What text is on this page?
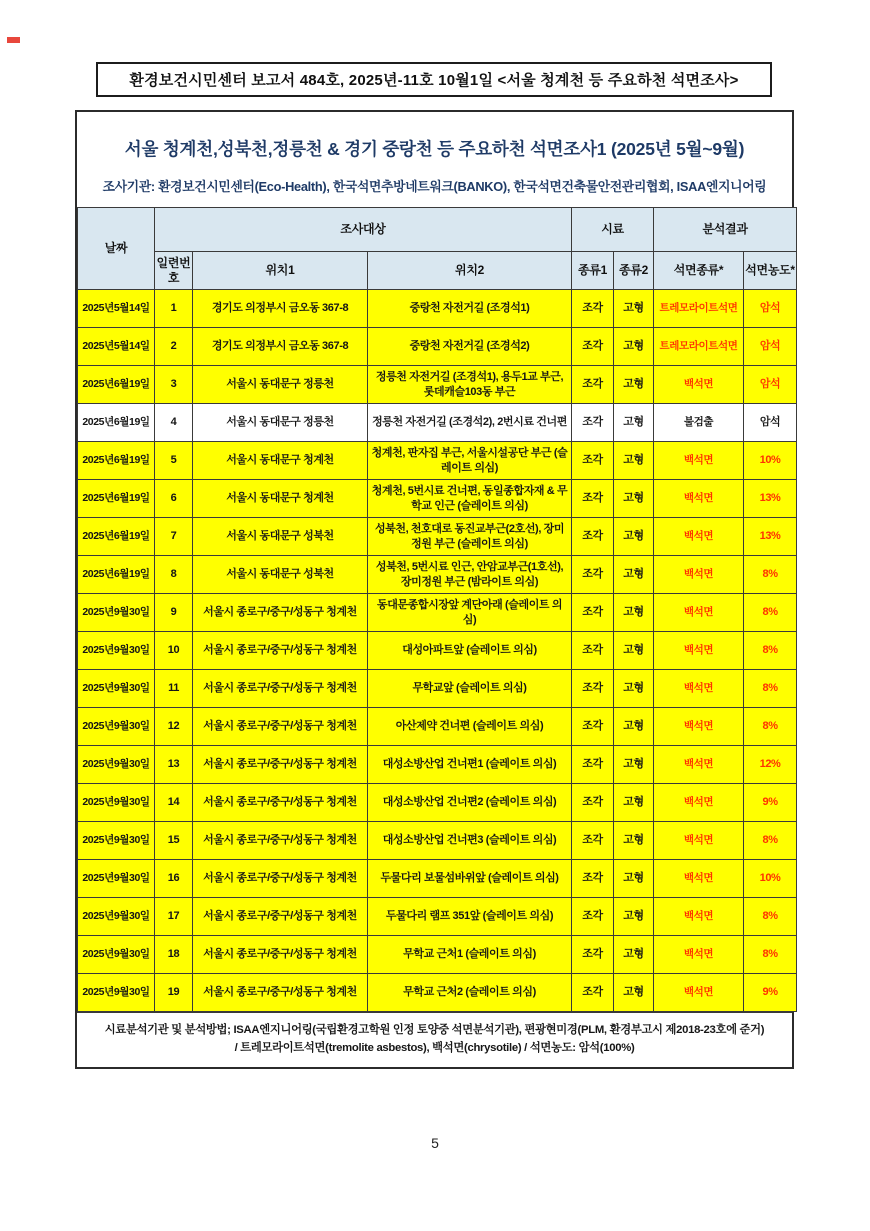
환경보건시민센터 보고서 484호, 2025년-11호 10월1일 <서울 청계천 등 주요하천 석면조사>
서울 청계천,성북천,정릉천 & 경기 중랑천 등 주요하천 석면조사1 (2025년 5월~9월)
조사기관: 환경보건시민센터(Eco-Health), 한국석면추방네트워크(BANKO), 한국석면건축물안전관리협회, ISAA엔지니어링
날짜	조사대상			시료		분석결과	
	일련번호	위치1	위치2	종류1	종류2	석면종류*	석면농도*
2025년5월14일	1	경기도 의정부시 금오동 367-8	중랑천 자전거길 (조경석1)	조각	고형	트레모라이트석면	암석
2025년5월14일	2	경기도 의정부시 금오동 367-8	중랑천 자전거길 (조경석2)	조각	고형	트레모라이트석면	암석
2025년6월19일	3	서울시 동대문구 정릉천	정릉천 자전거길 (조경석1), 용두1교 부근, 롯데캐슬103동 부근	조각	고형	백석면	암석
2025년6월19일	4	서울시 동대문구 정릉천	정릉천 자전거길 (조경석2), 2번시료 건너편	조각	고형	불검출	암석
2025년6월19일	5	서울시 동대문구 청계천	청계천, 판자집 부근, 서울시설공단 부근 (슬레이트 의심)	조각	고형	백석면	10%
2025년6월19일	6	서울시 동대문구 청계천	청계천, 5번시료 건너편, 동일종합자재 & 무학교 인근 (슬레이트 의심)	조각	고형	백석면	13%
2025년6월19일	7	서울시 동대문구 성북천	성북천, 천호대로 동진교부근(2호선), 장미정원 부근 (슬레이트 의심)	조각	고형	백석면	13%
2025년6월19일	8	서울시 동대문구 성북천	성북천, 5번시료 인근, 안암교부근(1호선), 장미정원 부근 (밤라이트 의심)	조각	고형	백석면	8%
2025년9월30일	9	서울시 종로구/중구/성동구 청계천	동대문종합시장앞 계단아래 (슬레이트 의심)	조각	고형	백석면	8%
2025년9월30일	10	서울시 종로구/중구/성동구 청계천	대성아파트앞 (슬레이트 의심)	조각	고형	백석면	8%
2025년9월30일	11	서울시 종로구/중구/성동구 청계천	무학교앞 (슬레이트 의심)	조각	고형	백석면	8%
2025년9월30일	12	서울시 종로구/중구/성동구 청계천	아산제약 건너편 (슬레이트 의심)	조각	고형	백석면	8%
2025년9월30일	13	서울시 종로구/중구/성동구 청계천	대성소방산업 건너편1 (슬레이트 의심)	조각	고형	백석면	12%
2025년9월30일	14	서울시 종로구/중구/성동구 청계천	대성소방산업 건너편2 (슬레이트 의심)	조각	고형	백석면	9%
2025년9월30일	15	서울시 종로구/중구/성동구 청계천	대성소방산업 건너편3 (슬레이트 의심)	조각	고형	백석면	8%
2025년9월30일	16	서울시 종로구/중구/성동구 청계천	두물다리 보물섬바위앞 (슬레이트 의심)	조각	고형	백석면	10%
2025년9월30일	17	서울시 종로구/중구/성동구 청계천	두물다리 램프 351앞 (슬레이트 의심)	조각	고형	백석면	8%
2025년9월30일	18	서울시 종로구/중구/성동구 청계천	무학교 근처1 (슬레이트 의심)	조각	고형	백석면	8%
2025년9월30일	19	서울시 종로구/중구/성동구 청계천	무학교 근처2 (슬레이트 의심)	조각	고형	백석면	9%
시료분석기관 및 분석방법; ISAA엔지니어링(국립환경고학원 인정 토양중 석면분석기관), 편광현미경(PLM, 환경부고시 제2018-23호에 준거)
/ 트레모라이트석면(tremolite asbestos), 백석면(chrysotile) / 석면농도: 암석(100%)
5
